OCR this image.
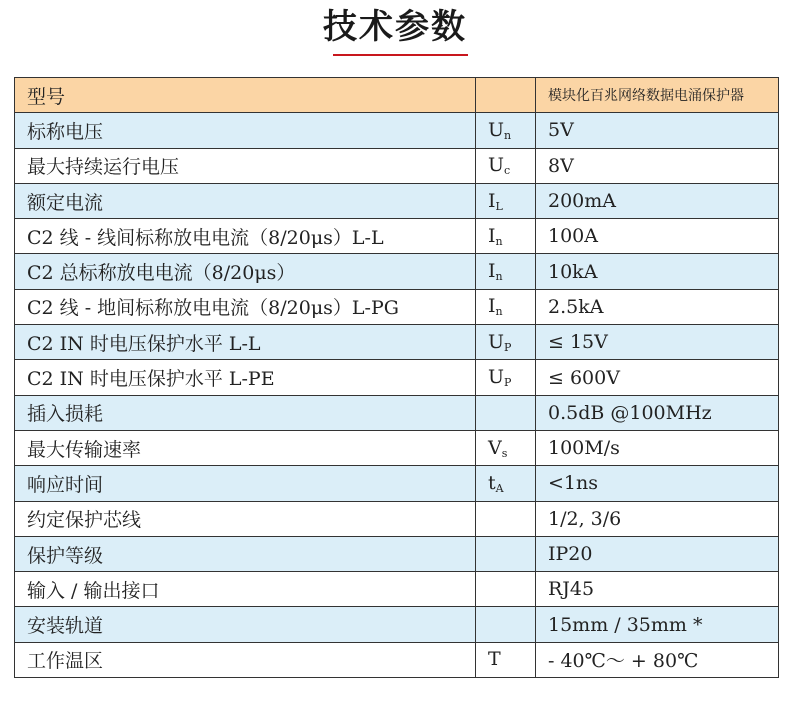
技术参数
型号		模块化百兆网络数据电涌保护器
标称电压	$U_n$	5V
最大持续运行电压	$U_c$	8V
额定电流	$I_L$	200mA
C2 线 - 线间标称放电电流（8/20μs）L-L	$I_n$	100A
C2 总标称放电电流（8/20μs）	$I_n$	10kA
C2 线 - 地间标称放电电流（8/20μs）L-PG	$I_n$	2.5kA
C2 IN 时电压保护水平 L-L	$U_P$	≤ 15V
C2 IN 时电压保护水平 L-PE	$U_P$	≤ 600V
插入损耗		0.5dB @100MHz
最大传输速率	$V_s$	100M/s
响应时间	$t_A$	<1ns
约定保护芯线		1/2, 3/6
保护等级		IP20
输入 / 输出接口		RJ45
安装轨道		15mm / 35mm *
工作温区	T	- 40℃～ + 80℃
